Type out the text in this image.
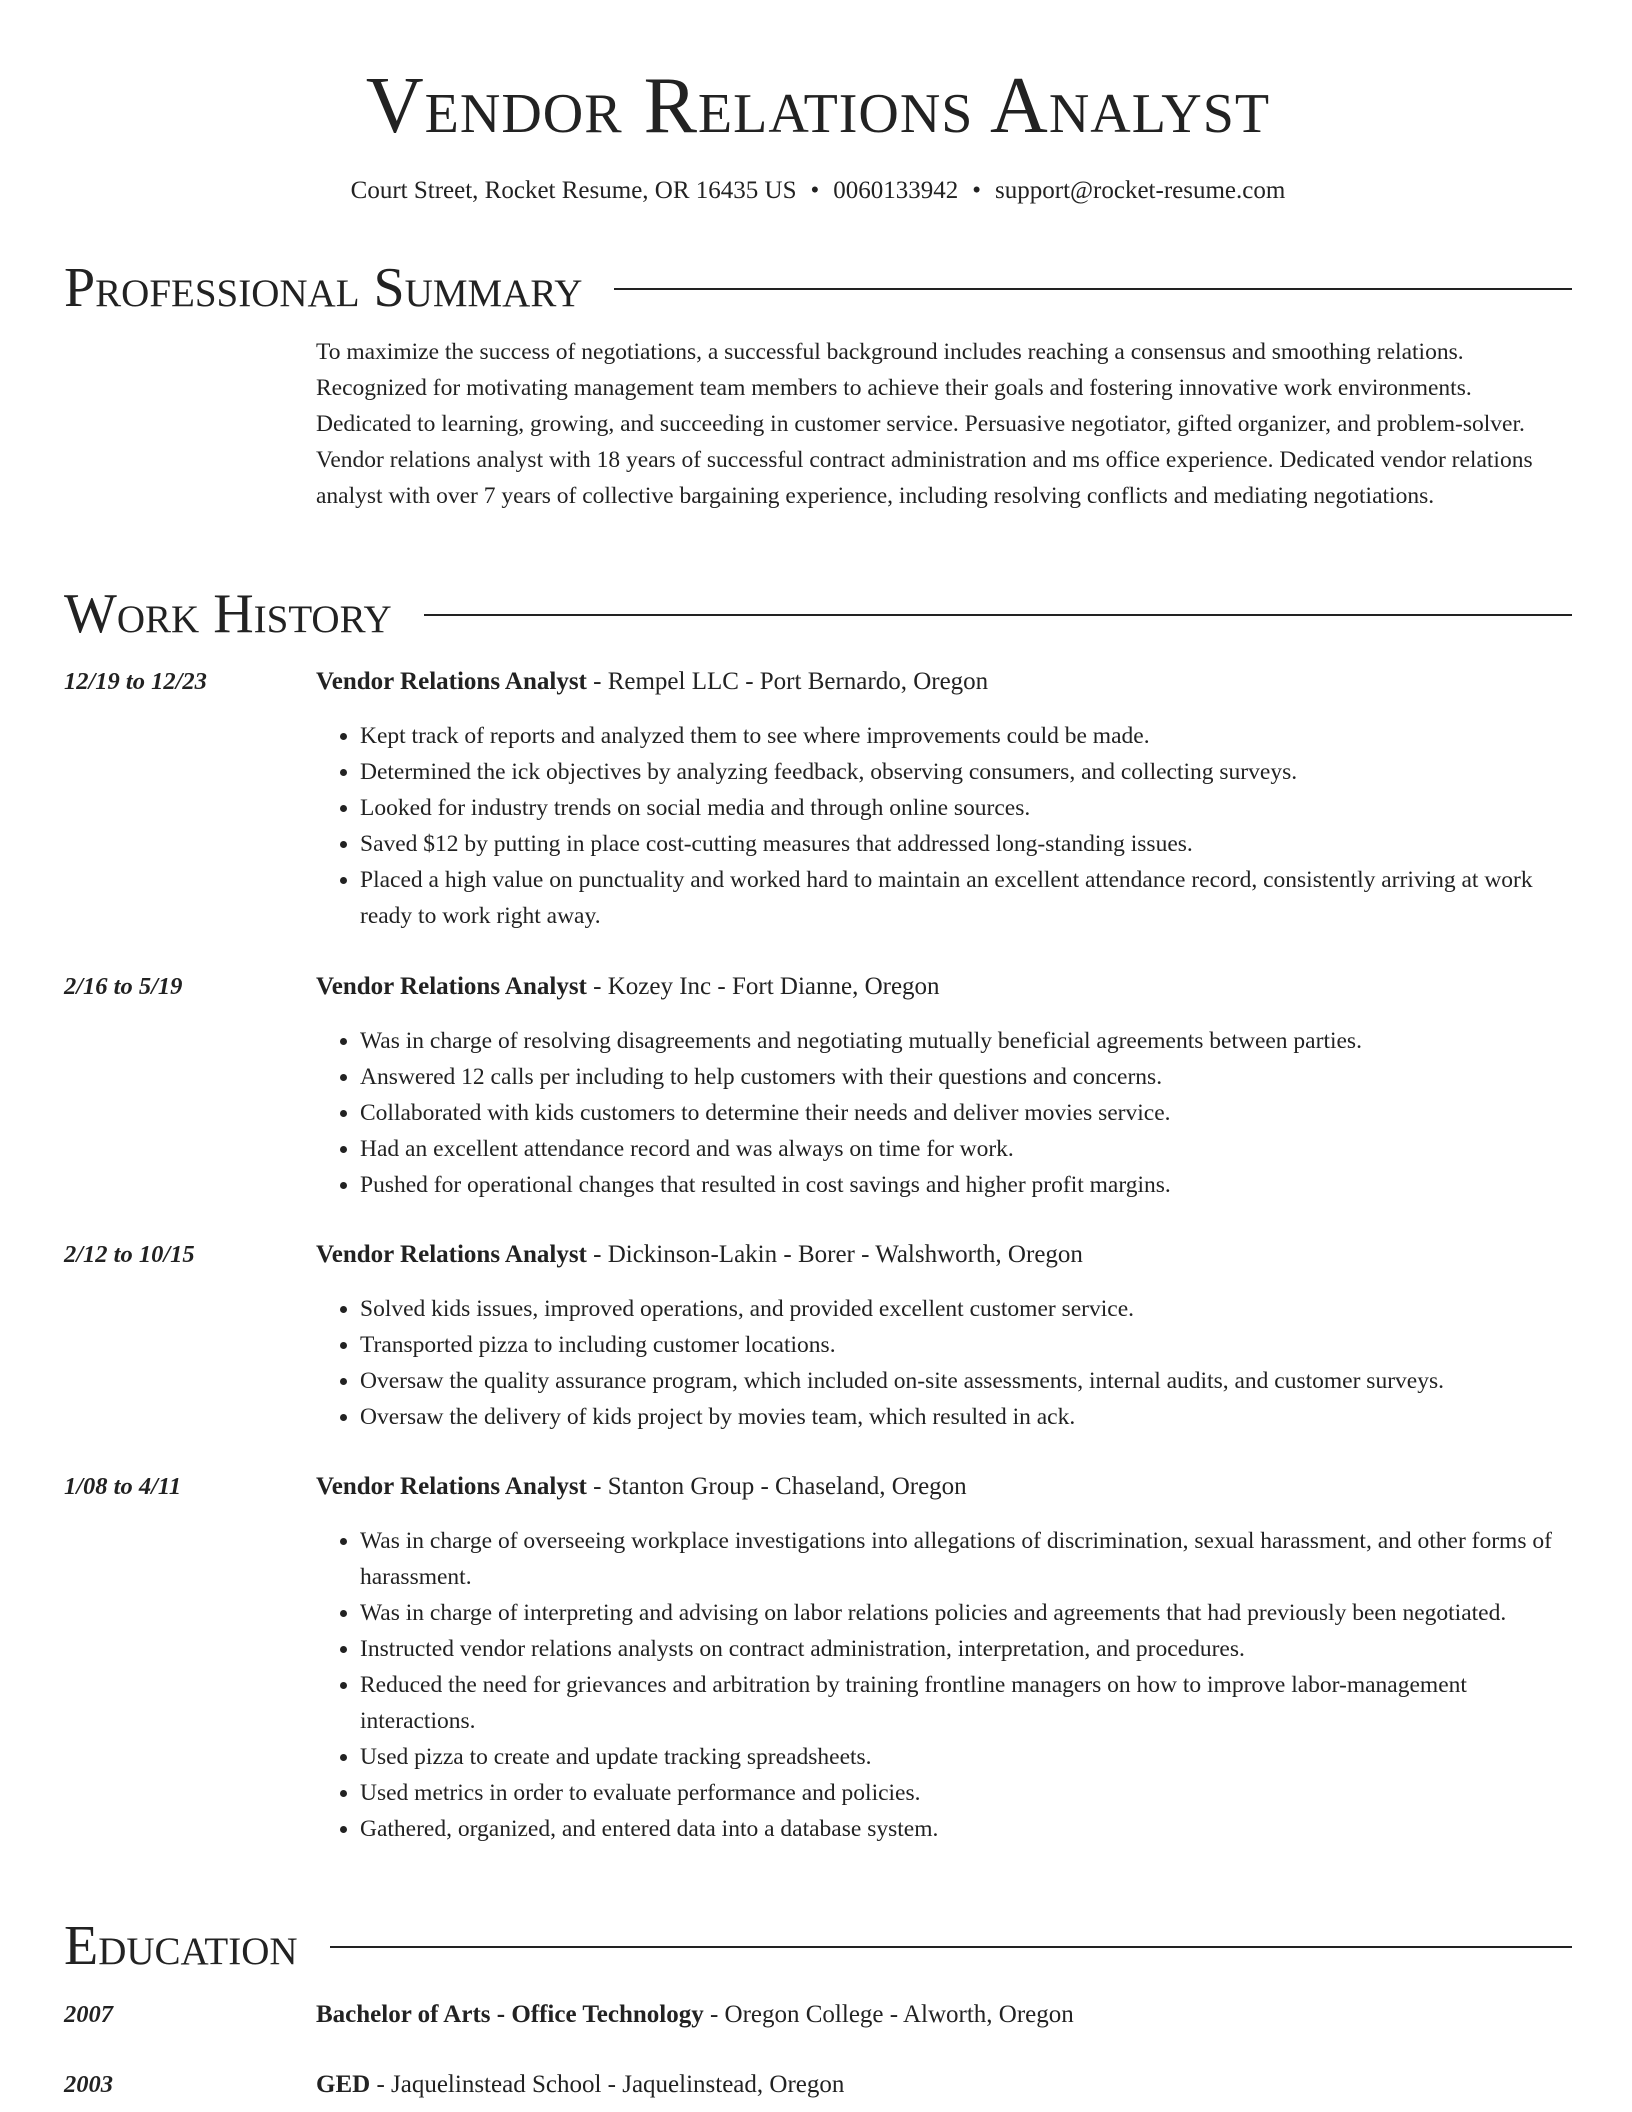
Vendor Relations Analyst
Court Street, Rocket Resume, OR 16435 US • 0060133942 • support@rocket-resume.com
Professional Summary

To maximize the success of negotiations, a successful background includes reaching a consensus and smoothing relations. Recognized for motivating management team members to achieve their goals and fostering innovative work environments. Dedicated to learning, growing, and succeeding in customer service. Persuasive negotiator, gifted organizer, and problem-solver. Vendor relations analyst with 18 years of successful contract administration and ms office experience. Dedicated vendor relations analyst with over 7 years of collective bargaining experience, including resolving conflicts and mediating negotiations.

Work History
12/19 to 12/23	Vendor Relations Analyst - Rempel LLC - Port Bernardo, Oregon
• Kept track of reports and analyzed them to see where improvements could be made.
• Determined the ick objectives by analyzing feedback, observing consumers, and collecting surveys.
• Looked for industry trends on social media and through online sources.
• Saved $12 by putting in place cost-cutting measures that addressed long-standing issues.
• Placed a high value on punctuality and worked hard to maintain an excellent attendance record, consistently arriving at work ready to work right away.
2/16 to 5/19	Vendor Relations Analyst - Kozey Inc - Fort Dianne, Oregon
• Was in charge of resolving disagreements and negotiating mutually beneficial agreements between parties.
• Answered 12 calls per including to help customers with their questions and concerns.
• Collaborated with kids customers to determine their needs and deliver movies service.
• Had an excellent attendance record and was always on time for work.
• Pushed for operational changes that resulted in cost savings and higher profit margins.
2/12 to 10/15	Vendor Relations Analyst - Dickinson-Lakin - Borer - Walshworth, Oregon
• Solved kids issues, improved operations, and provided excellent customer service.
• Transported pizza to including customer locations.
• Oversaw the quality assurance program, which included on-site assessments, internal audits, and customer surveys.
• Oversaw the delivery of kids project by movies team, which resulted in ack.
1/08 to 4/11	Vendor Relations Analyst - Stanton Group - Chaseland, Oregon
• Was in charge of overseeing workplace investigations into allegations of discrimination, sexual harassment, and other forms of harassment.
• Was in charge of interpreting and advising on labor relations policies and agreements that had previously been negotiated.
• Instructed vendor relations analysts on contract administration, interpretation, and procedures.
• Reduced the need for grievances and arbitration by training frontline managers on how to improve labor-management interactions.
• Used pizza to create and update tracking spreadsheets.
• Used metrics in order to evaluate performance and policies.
• Gathered, organized, and entered data into a database system.
Education
2007	Bachelor of Arts - Office Technology - Oregon College - Alworth, Oregon
2003	GED - Jaquelinstead School - Jaquelinstead, Oregon
